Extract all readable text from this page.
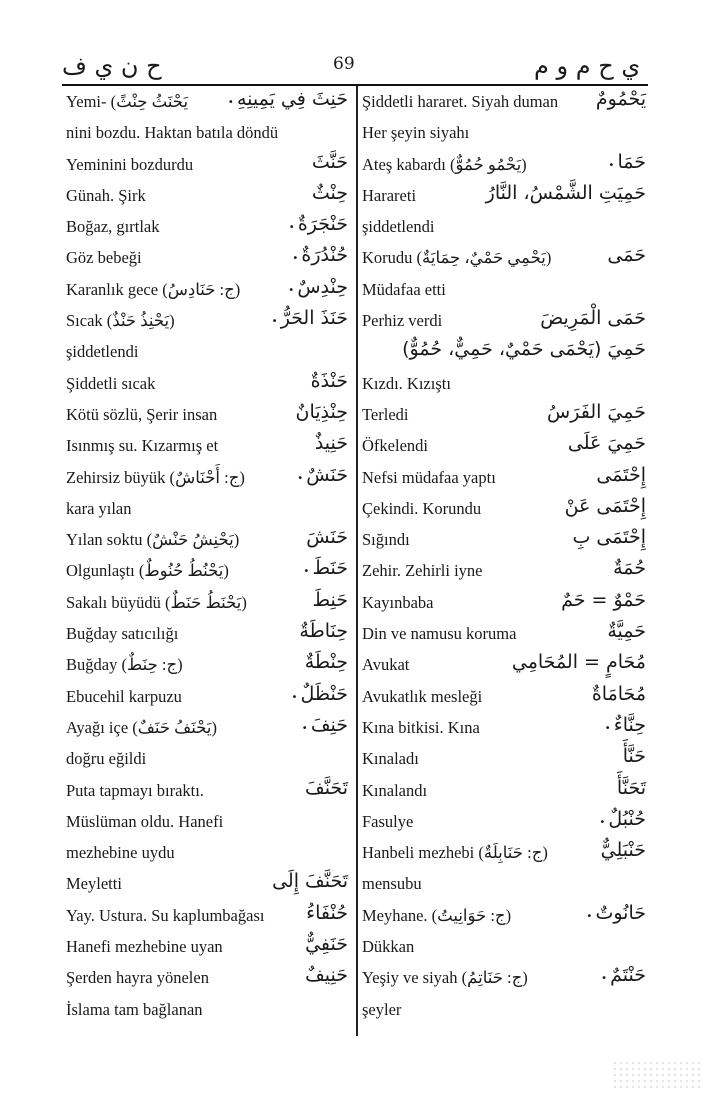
ح ن ي ف	69	ي ح م و م
Yemi- (يَحْنَثُ حِنْثً	حَنِثَ فِي يَمِينِهِ •
nini bozdu. Haktan batıla döndü
Yeminini bozdurdu	حَنَّثَ
Günah. Şirk	حِنْثٌ
Boğaz, gırtlak	حَنْجَرَةٌ •
Göz bebeği	حُنْدُرَةٌ •
Karanlık gece (ج: حَنَادِسُ)	حِنْدِسٌ •
Sıcak (يَحْنِذُ حَنْذٌ)	حَنَذَ الحَرُّ •
şiddetlendi
Şiddetli sıcak	حَنْذَةٌ
Kötü sözlü, Şerir insan	حِنْذِيَانٌ
Isınmış su. Kızarmış et	حَنِيذٌ
Zehirsiz büyük (ج: أَحْنَاشٌ)	حَنَشٌ •
kara yılan
Yılan soktu (يَحْنِشُ حَنْشٌ)	حَنَشَ
Olgunlaştı (يَحْنُطُ حُنُوطٌ)	حَنَطَ •
Sakalı büyüdü (يَحْنَطُ حَنَطٌ)	حَنِطَ
Buğday satıcılığı	حِنَاطَةٌ
Buğday (ج: حِنَطٌ)	حِنْطَةٌ
Ebucehil karpuzu	حَنْظَلٌ •
Ayağı içe (يَحْنَفُ حَنَفٌ)	حَنِفَ •
doğru eğildi
Puta tapmayı bıraktı.	تَحَنَّفَ
Müslüman oldu. Hanefi
mezhebine uydu
Meyletti	تَحَنَّفَ إِلَى
Yay. Ustura. Su kaplumbağası حُنْفَاءُ
Hanefi mezhebine uyan	حَنَفِيٌّ
Şerden hayra yönelen	حَنِيفٌ
İslama tam bağlanan
Şiddetli hararet. Siyah duman يَحْمُومٌ
Her şeyin siyahı
Ateş kabardı (يَحْمُو حُمُوٌّ)	حَمَا •
Harareti	حَمِيَتِ الشَّمْسُ، النَّارُ
şiddetlendi
Korudu (يَحْمِي حَمْيٌ، حِمَايَةٌ)	حَمَى
Müdafaa etti
Perhiz verdi	حَمَى الْمَرِيضَ
حَمِيَ (يَحْمَى حَمْيٌ، حَمِيٌّ، حُمُوٌّ)
Kızdı. Kızıştı
Terledi	حَمِيَ الفَرَسُ
Öfkelendi	حَمِيَ عَلَى
Nefsi müdafaa yaptı	إِحْتَمَى
Çekindi. Korundu	إِحْتَمَى عَنْ
Sığındı	إِحْتَمَى بِ
Zehir. Zehirli iyne	حُمَةٌ
Kayınbaba	حَمْوٌ = حَمٌ
Din ve namusu koruma	حَمِيَّةٌ
Avukat	مُحَامٍ = المُحَامِي
Avukatlık mesleği	مُحَامَاةٌ
Kına bitkisi. Kına	حِنَّاءٌ •
Kınaladı	حَنَّأَ
Kınalandı	تَحَنَّأَ
Fasulye	حُنْبُلٌ •
Hanbeli mezhebi (ج: حَنَابِلَةٌ)	حَنْبَلِيٌّ
mensubu
Meyhane. (ج: حَوَانِيتُ)	حَانُوتٌ •
Dükkan
Yeşiy ve siyah (ج: حَنَاتِمُ)	حَنْتَمٌ •
şeyler
